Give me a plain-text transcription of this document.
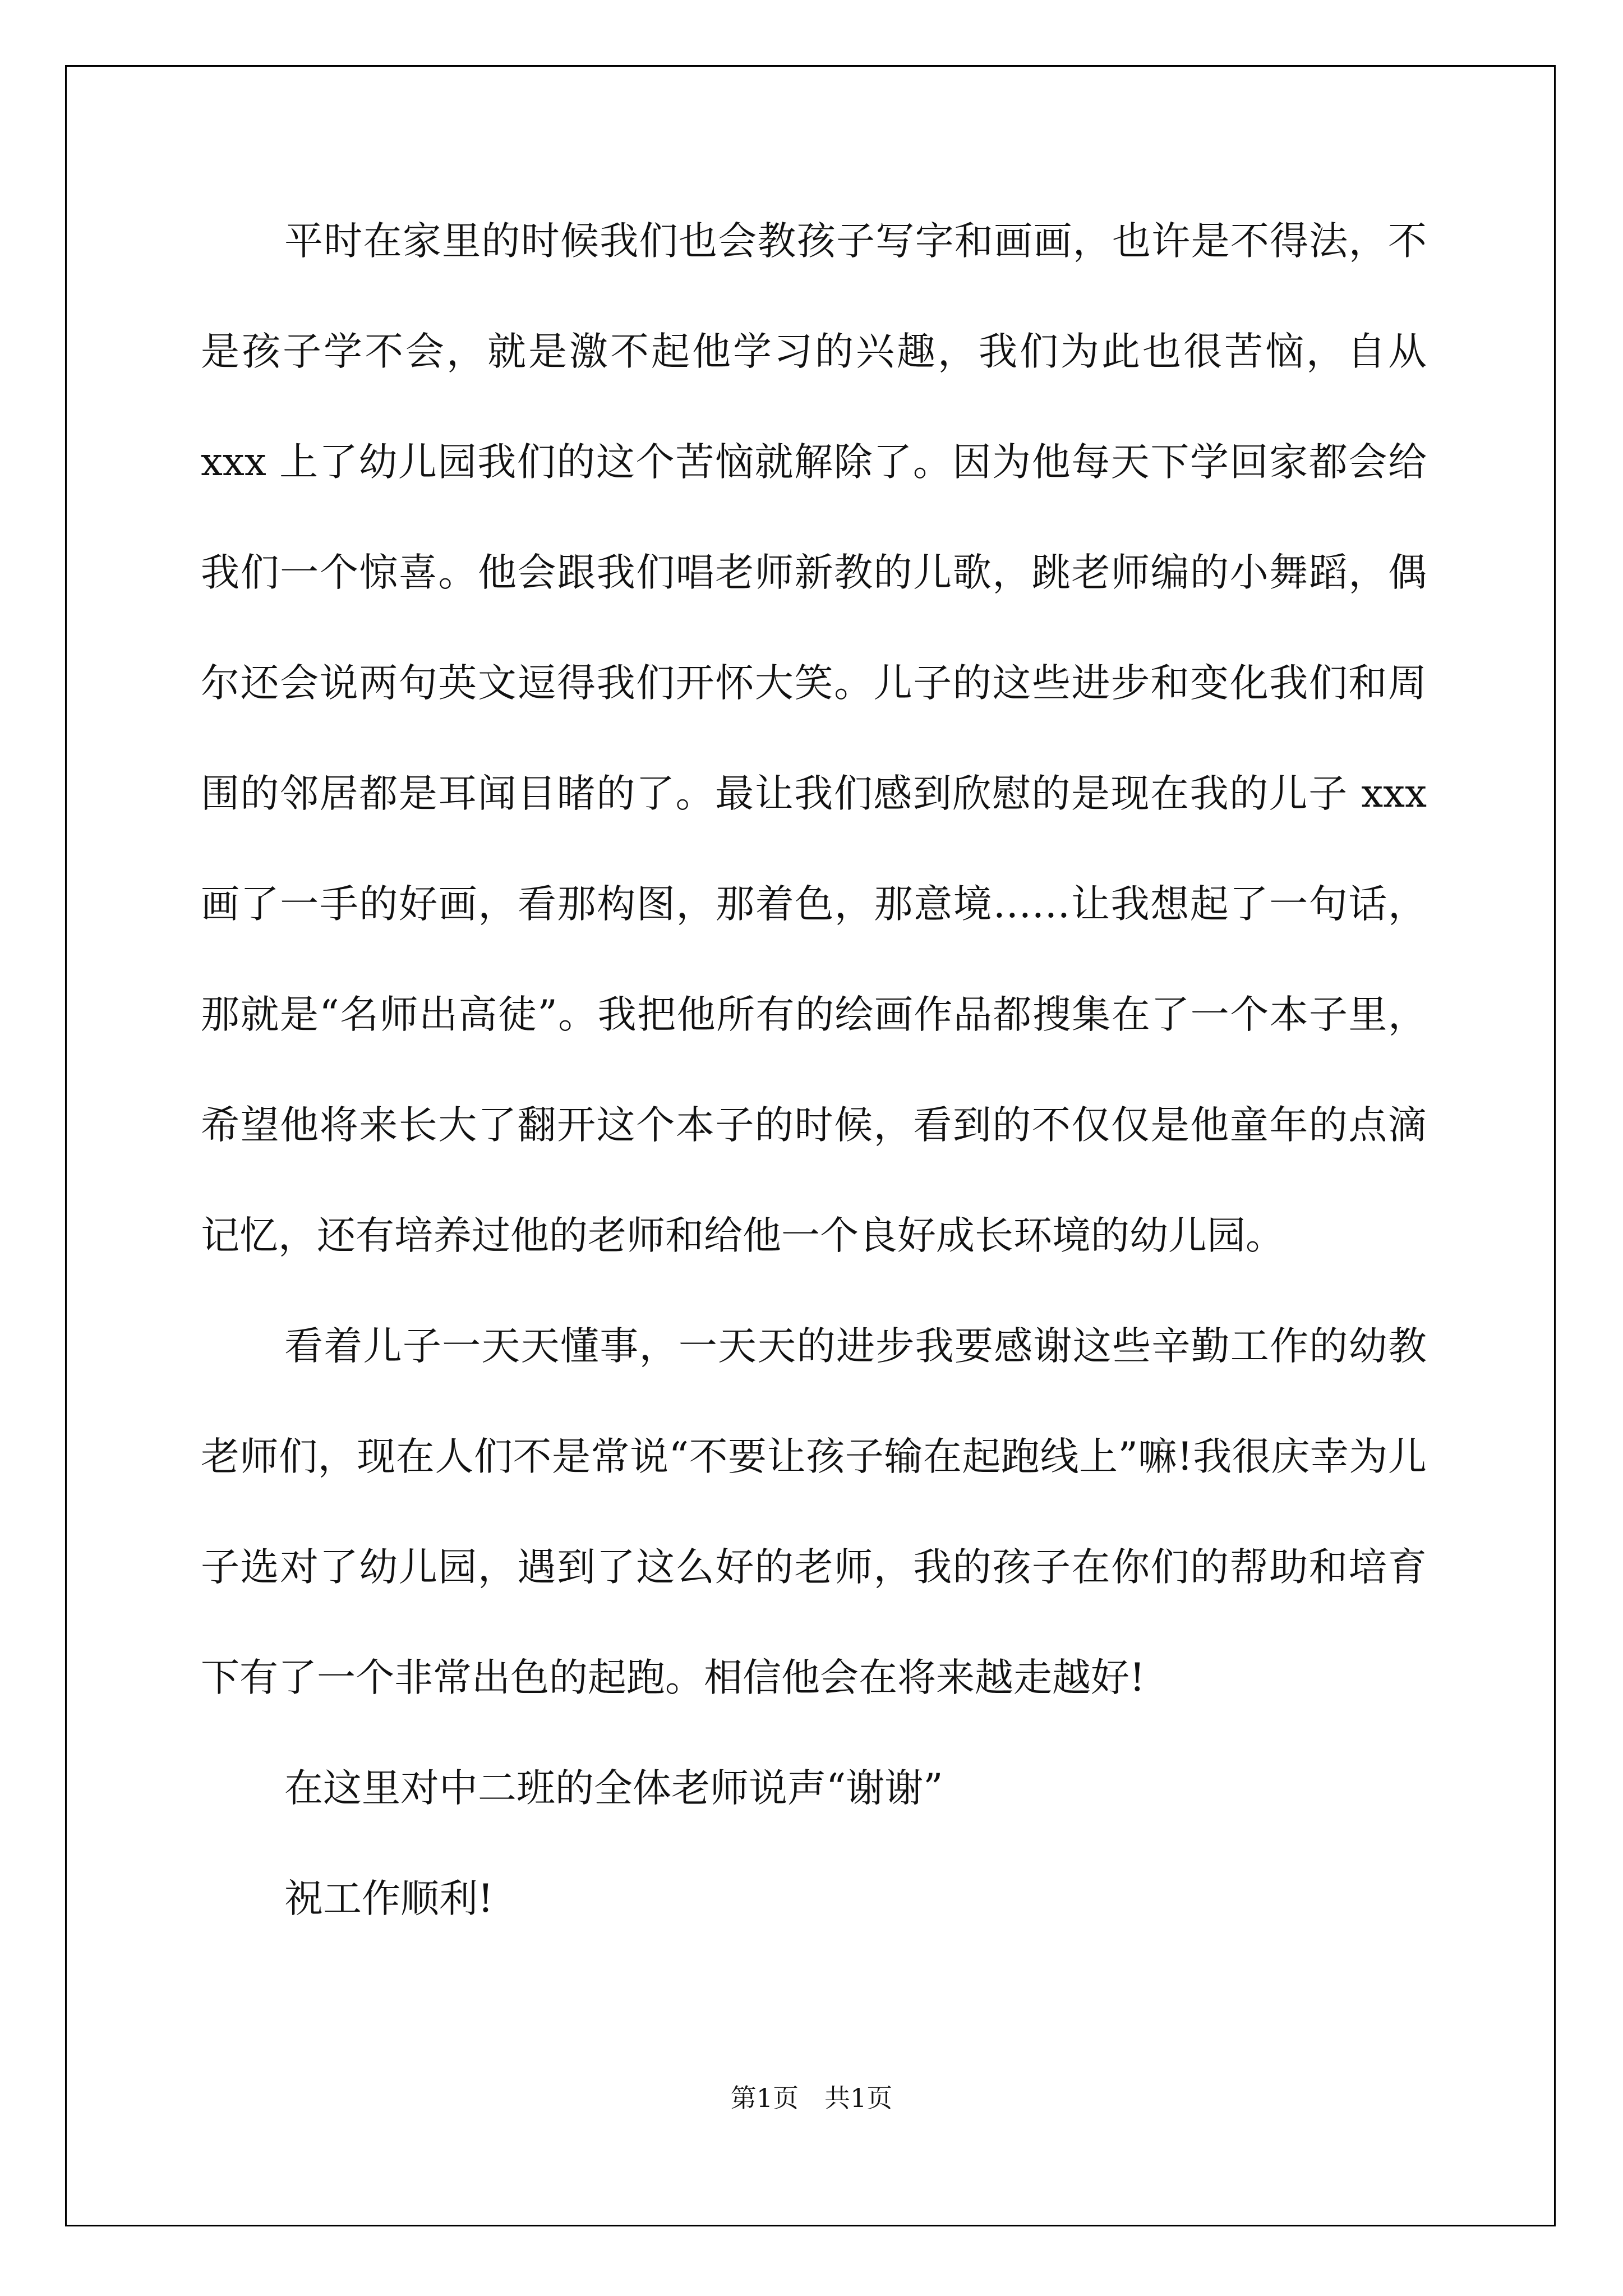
平时在家里的时候我们也会教孩子写字和画画，也许是不得法，不是孩子学不会，就是激不起他学习的兴趣，我们为此也很苦恼，自从 xxx 上了幼儿园我们的这个苦恼就解除了。因为他每天下学回家都会给我们一个惊喜。他会跟我们唱老师新教的儿歌，跳老师编的小舞蹈，偶尔还会说两句英文逗得我们开怀大笑。儿子的这些进步和变化我们和周围的邻居都是耳闻目睹的了。最让我们感到欣慰的是现在我的儿子 xxx 画了一手的好画，看那构图，那着色，那意境……让我想起了一句话，那就是“名师出高徒”。我把他所有的绘画作品都搜集在了一个本子里，希望他将来长大了翻开这个本子的时候，看到的不仅仅是他童年的点滴记忆，还有培养过他的老师和给他一个良好成长环境的幼儿园。

看着儿子一天天懂事，一天天的进步我要感谢这些辛勤工作的幼教老师们，现在人们不是常说“不要让孩子输在起跑线上”嘛!我很庆幸为儿子选对了幼儿园，遇到了这么好的老师，我的孩子在你们的帮助和培育下有了一个非常出色的起跑。相信他会在将来越走越好!

在这里对中二班的全体老师说声“谢谢”

祝工作顺利!

第1页 共1页
